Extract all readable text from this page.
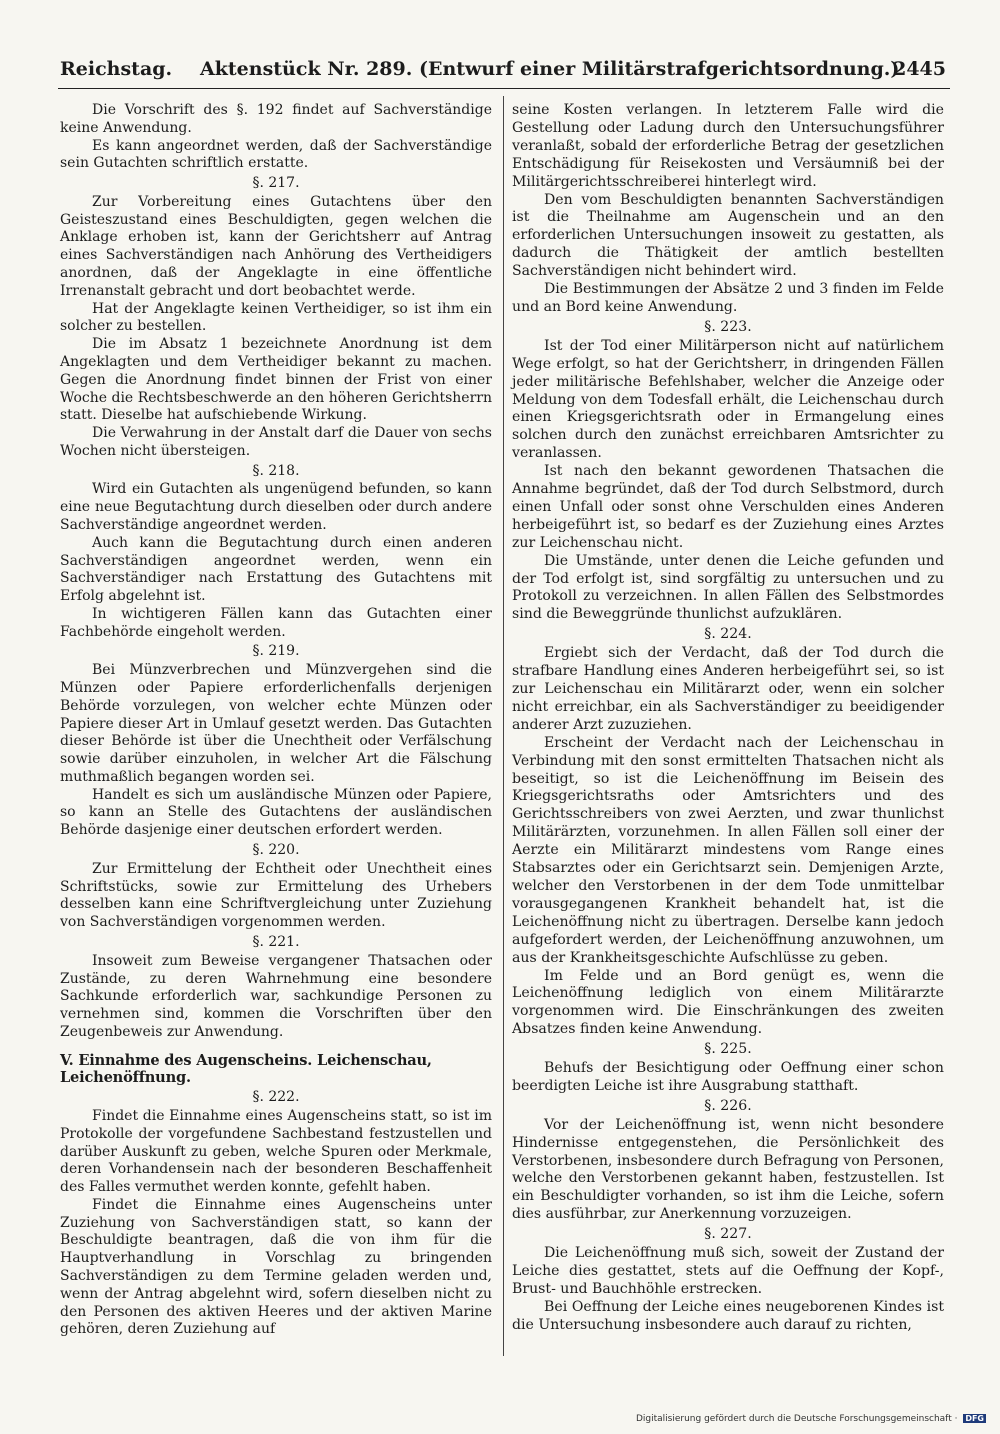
Reichstag. Aktenstück Nr. 289. (Entwurf einer Militärstrafgerichtsordnung.)
2445

Die Vorschrift des §. 192 findet auf Sachverständige keine Anwendung.

Es kann angeordnet werden, daß der Sachverständige sein Gutachten schriftlich erstatte.

§. 217.

Zur Vorbereitung eines Gutachtens über den Geisteszustand eines Beschuldigten, gegen welchen die Anklage erhoben ist, kann der Gerichtsherr auf Antrag eines Sachverständigen nach Anhörung des Vertheidigers anordnen, daß der Angeklagte in eine öffentliche Irrenanstalt gebracht und dort beobachtet werde.

Hat der Angeklagte keinen Vertheidiger, so ist ihm ein solcher zu bestellen.

Die im Absatz 1 bezeichnete Anordnung ist dem Angeklagten und dem Vertheidiger bekannt zu machen. Gegen die Anordnung findet binnen der Frist von einer Woche die Rechtsbeschwerde an den höheren Gerichtsherrn statt. Dieselbe hat aufschiebende Wirkung.

Die Verwahrung in der Anstalt darf die Dauer von sechs Wochen nicht übersteigen.

§. 218.

Wird ein Gutachten als ungenügend befunden, so kann eine neue Begutachtung durch dieselben oder durch andere Sachverständige angeordnet werden.

Auch kann die Begutachtung durch einen anderen Sachverständigen angeordnet werden, wenn ein Sachverständiger nach Erstattung des Gutachtens mit Erfolg abgelehnt ist.

In wichtigeren Fällen kann das Gutachten einer Fachbehörde eingeholt werden.

§. 219.

Bei Münzverbrechen und Münzvergehen sind die Münzen oder Papiere erforderlichenfalls derjenigen Behörde vorzulegen, von welcher echte Münzen oder Papiere dieser Art in Umlauf gesetzt werden. Das Gutachten dieser Behörde ist über die Unechtheit oder Verfälschung sowie darüber einzuholen, in welcher Art die Fälschung muthmaßlich begangen worden sei.

Handelt es sich um ausländische Münzen oder Papiere, so kann an Stelle des Gutachtens der ausländischen Behörde dasjenige einer deutschen erfordert werden.

§. 220.

Zur Ermittelung der Echtheit oder Unechtheit eines Schriftstücks, sowie zur Ermittelung des Urhebers desselben kann eine Schriftvergleichung unter Zuziehung von Sachverständigen vorgenommen werden.

§. 221.

Insoweit zum Beweise vergangener Thatsachen oder Zustände, zu deren Wahrnehmung eine besondere Sachkunde erforderlich war, sachkundige Personen zu vernehmen sind, kommen die Vorschriften über den Zeugenbeweis zur Anwendung.

V. Einnahme des Augenscheins. Leichenschau, Leichenöffnung.
§. 222.

Findet die Einnahme eines Augenscheins statt, so ist im Protokolle der vorgefundene Sachbestand festzustellen und darüber Auskunft zu geben, welche Spuren oder Merkmale, deren Vorhandensein nach der besonderen Beschaffenheit des Falles vermuthet werden konnte, gefehlt haben.

Findet die Einnahme eines Augenscheins unter Zuziehung von Sachverständigen statt, so kann der Beschuldigte beantragen, daß die von ihm für die Hauptverhandlung in Vorschlag zu bringenden Sachverständigen zu dem Termine geladen werden und, wenn der Antrag abgelehnt wird, sofern dieselben nicht zu den Personen des aktiven Heeres und der aktiven Marine gehören, deren Zuziehung auf

seine Kosten verlangen. In letzterem Falle wird die Gestellung oder Ladung durch den Untersuchungsführer veranlaßt, sobald der erforderliche Betrag der gesetzlichen Entschädigung für Reisekosten und Versäumniß bei der Militärgerichtsschreiberei hinterlegt wird.

Den vom Beschuldigten benannten Sachverständigen ist die Theilnahme am Augenschein und an den erforderlichen Untersuchungen insoweit zu gestatten, als dadurch die Thätigkeit der amtlich bestellten Sachverständigen nicht behindert wird.

Die Bestimmungen der Absätze 2 und 3 finden im Felde und an Bord keine Anwendung.

§. 223.

Ist der Tod einer Militärperson nicht auf natürlichem Wege erfolgt, so hat der Gerichtsherr, in dringenden Fällen jeder militärische Befehlshaber, welcher die Anzeige oder Meldung von dem Todesfall erhält, die Leichenschau durch einen Kriegsgerichtsrath oder in Ermangelung eines solchen durch den zunächst erreichbaren Amtsrichter zu veranlassen.

Ist nach den bekannt gewordenen Thatsachen die Annahme begründet, daß der Tod durch Selbstmord, durch einen Unfall oder sonst ohne Verschulden eines Anderen herbeigeführt ist, so bedarf es der Zuziehung eines Arztes zur Leichenschau nicht.

Die Umstände, unter denen die Leiche gefunden und der Tod erfolgt ist, sind sorgfältig zu untersuchen und zu Protokoll zu verzeichnen. In allen Fällen des Selbstmordes sind die Beweggründe thunlichst aufzuklären.

§. 224.

Ergiebt sich der Verdacht, daß der Tod durch die strafbare Handlung eines Anderen herbeigeführt sei, so ist zur Leichenschau ein Militärarzt oder, wenn ein solcher nicht erreichbar, ein als Sachverständiger zu beeidigender anderer Arzt zuzuziehen.

Erscheint der Verdacht nach der Leichenschau in Verbindung mit den sonst ermittelten Thatsachen nicht als beseitigt, so ist die Leichenöffnung im Beisein des Kriegsgerichtsraths oder Amtsrichters und des Gerichtsschreibers von zwei Aerzten, und zwar thunlichst Militärärzten, vorzunehmen. In allen Fällen soll einer der Aerzte ein Militärarzt mindestens vom Range eines Stabsarztes oder ein Gerichtsarzt sein. Demjenigen Arzte, welcher den Verstorbenen in der dem Tode unmittelbar vorausgegangenen Krankheit behandelt hat, ist die Leichenöffnung nicht zu übertragen. Derselbe kann jedoch aufgefordert werden, der Leichenöffnung anzuwohnen, um aus der Krankheitsgeschichte Aufschlüsse zu geben.

Im Felde und an Bord genügt es, wenn die Leichenöffnung lediglich von einem Militärarzte vorgenommen wird. Die Einschränkungen des zweiten Absatzes finden keine Anwendung.

§. 225.

Behufs der Besichtigung oder Oeffnung einer schon beerdigten Leiche ist ihre Ausgrabung statthaft.

§. 226.

Vor der Leichenöffnung ist, wenn nicht besondere Hindernisse entgegenstehen, die Persönlichkeit des Verstorbenen, insbesondere durch Befragung von Personen, welche den Verstorbenen gekannt haben, festzustellen. Ist ein Beschuldigter vorhanden, so ist ihm die Leiche, sofern dies ausführbar, zur Anerkennung vorzuzeigen.

§. 227.

Die Leichenöffnung muß sich, soweit der Zustand der Leiche dies gestattet, stets auf die Oeffnung der Kopf-, Brust- und Bauchhöhle erstrecken.

Bei Oeffnung der Leiche eines neugeborenen Kindes ist die Untersuchung insbesondere auch darauf zu richten,

Digitalisierung gefördert durch die Deutsche Forschungsgemeinschaft · DFG
